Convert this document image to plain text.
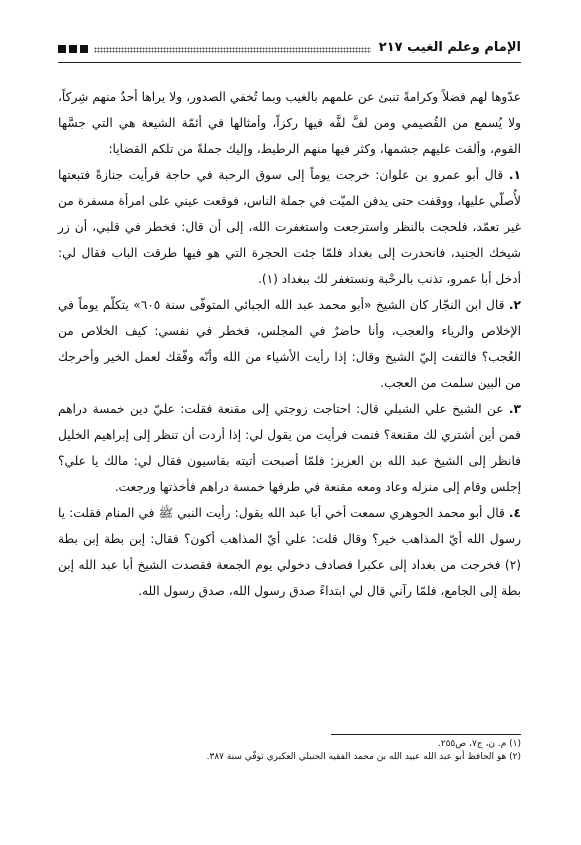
الإمام وعلم الغيب ٢١٧

عدّوها لهم فضلاً وكرامةً تنبئ عن علمهم بالغيب وبما تُخفي الصدور، ولا يراها أحدٌ منهم شِركاً، ولا يُسمع من القُصيمي ومن لفَّ لفَّه فيها ركزاً، وأمثالها في أئمّة الشيعة هي التي جسَّها القوم، وألقت عليهم جشمها، وكثر فيها منهم الرطيط، وإليك جملةً من تلكم القضايا:

١. قال أبو عمرو بن علوان: خرجت يوماً إلى سوق الرحبة في حاجة فرأيت جنازةً فتبعتها لأُصلّي عليها، ووقفت حتى يدفن الميّت في جملة الناس، فوقعت عيني على امرأة مسفرة من غير تعمّد، فلحجت بالنظر واسترجعت واستغفرت الله، إلى أن قال: فخطر في قلبي، أن زر شيخك الجنيد، فانحدرت إلى بغداد فلمّا جئت الحجرة التي هو فيها طرقت الباب فقال لي: أدخل أبا عمرو، تذنب بالرحْبة ونستغفر لك ببغداد (١).

٢. قال ابن النجّار كان الشيخ «أبو محمد عبد الله الجبائي المتوفّى سنة ٦٠٥» يتكلّم يوماً في الإخلاص والرياء والعجب، وأنا حاضرٌ في المجلس، فخطر في نفسي: كيف الخلاص من العُجب؟ فالتفت إليّ الشيخ وقال: إذا رأيت الأشياء من الله وأنّه وفّقك لعمل الخير وأخرجك من البين سلمت من العجب.

٣. عن الشيخ علي الشبلي قال: احتاجت زوجتي إلى مقنعة فقلت: عليّ دين خمسة دراهم فمن أين أشتري لك مقنعة؟ فنمت فرأيت من يقول لي: إذا أردت أن تنظر إلى إبراهيم الخليل فانظر إلى الشيخ عبد الله بن العزيز: فلمّا أصبحت أتيته بقاسيون فقال لي: مالك يا علي؟ إجلس وقام إلى منزله وعاد ومعه مقنعة في طرفها خمسة دراهم فأخذتها ورجعت.

٤. قال أبو محمد الجوهري سمعت أخي أبا عبد الله يقول: رأيت النبي ﷺ في المنام فقلت: يا رسول الله أيّ المذاهب خير؟ وقال قلت: علي أيّ المذاهب أكون؟ فقال: إبن بطة إبن بطة (٢) فخرجت من بغداد إلى عكبرا فصادف دخولي يوم الجمعة فقصدت الشيخ أبا عبد الله إبن بطة إلى الجامع، فلمّا رآني قال لي ابتداءً صدق رسول الله، صدق رسول الله.

(١) م. ن، ج٧، ص٢٥٥.

(٢) هو الحافظ أبو عبد الله عبيد الله بن محمد الفقيه الحنبلي العكبري توفّي سنة ٣٨٧.
